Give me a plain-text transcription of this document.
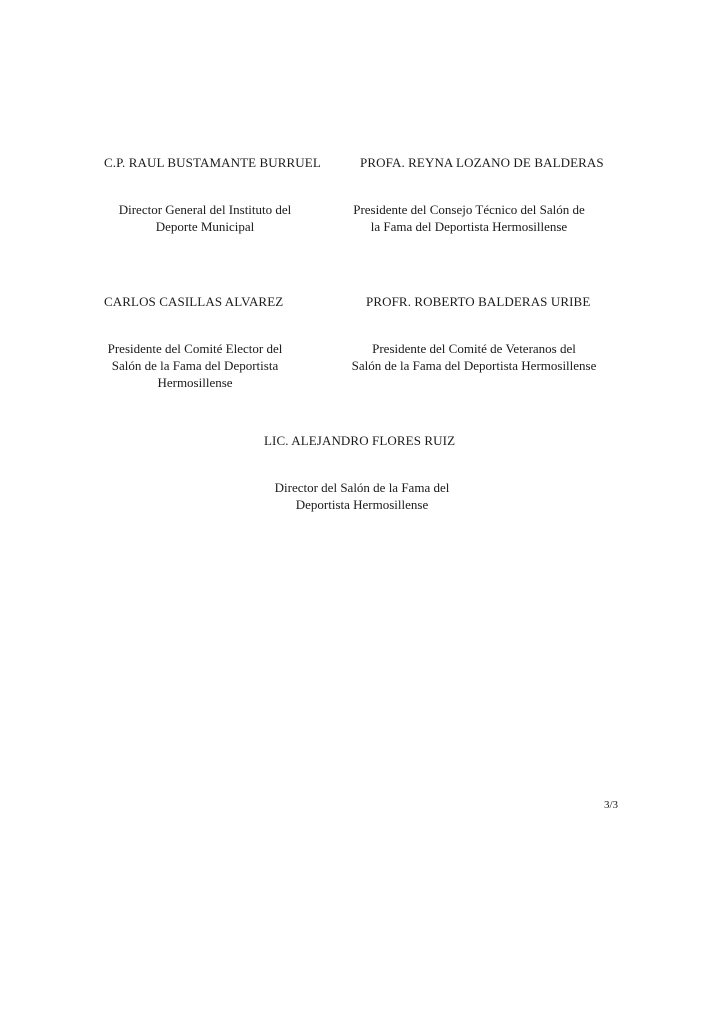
C.P. RAUL BUSTAMANTE BURRUEL
Director General del Instituto del
Deporte Municipal
PROFA. REYNA LOZANO DE BALDERAS
Presidente del Consejo Técnico del Salón de
la Fama del Deportista Hermosillense
CARLOS CASILLAS ALVAREZ
Presidente del Comité Elector del
Salón de la Fama del Deportista
Hermosillense
PROFR. ROBERTO BALDERAS URIBE
Presidente del Comité de Veteranos del
Salón de la Fama del Deportista Hermosillense
LIC. ALEJANDRO FLORES RUIZ
Director del Salón de la Fama del
Deportista Hermosillense
3/3
